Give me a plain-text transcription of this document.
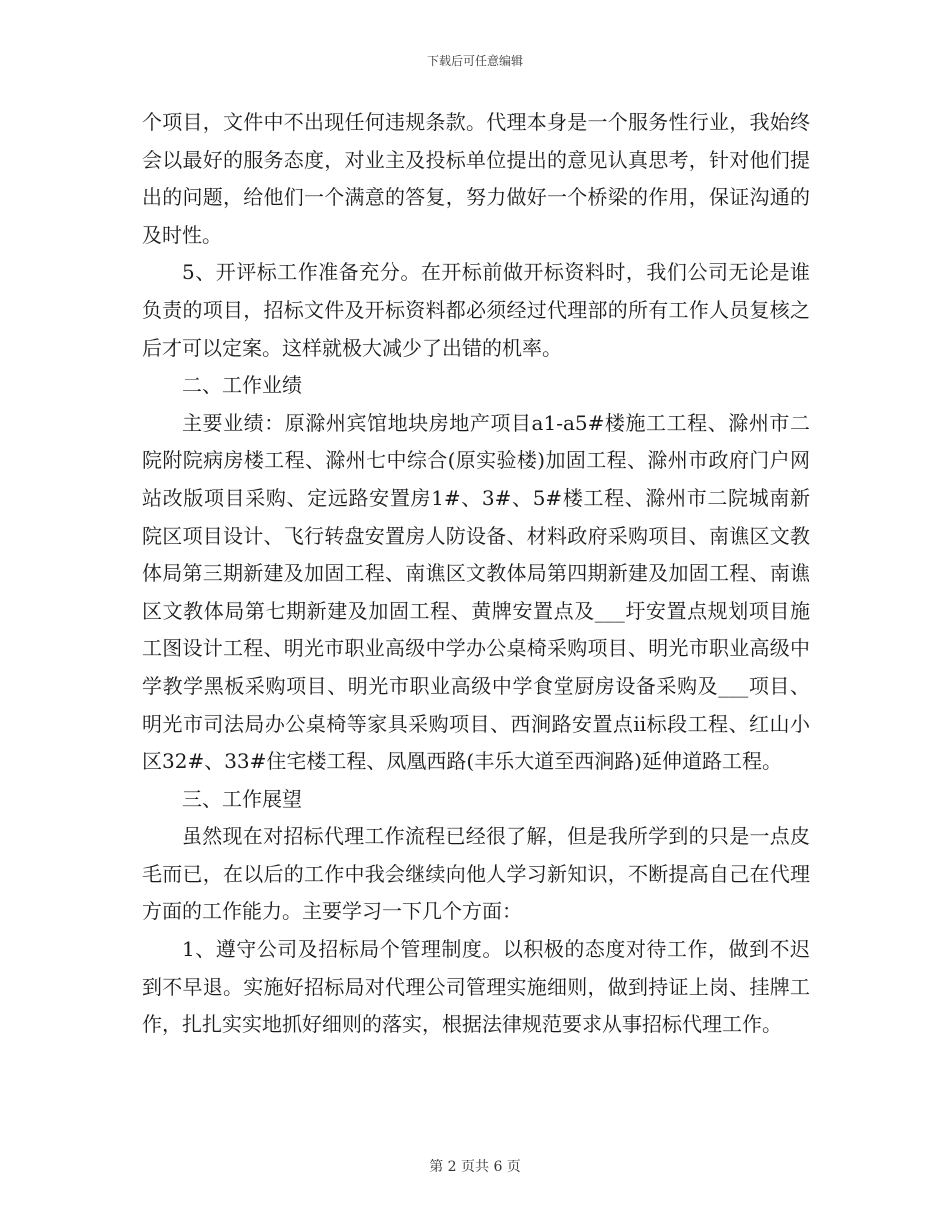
下载后可任意编辑

个项目，文件中不出现任何违规条款。代理本身是一个服务性行业，我始终会以最好的服务态度，对业主及投标单位提出的意见认真思考，针对他们提出的问题，给他们一个满意的答复，努力做好一个桥梁的作用，保证沟通的及时性。

5、开评标工作准备充分。在开标前做开标资料时，我们公司无论是谁负责的项目，招标文件及开标资料都必须经过代理部的所有工作人员复核之后才可以定案。这样就极大减少了出错的机率。

二、工作业绩

主要业绩：原滁州宾馆地块房地产项目a1-a5#楼施工工程、滁州市二院附院病房楼工程、滁州七中综合(原实验楼)加固工程、滁州市政府门户网站改版项目采购、定远路安置房1#、3#、5#楼工程、滁州市二院城南新院区项目设计、飞行转盘安置房人防设备、材料政府采购项目、南谯区文教体局第三期新建及加固工程、南谯区文教体局第四期新建及加固工程、南谯区文教体局第七期新建及加固工程、黄牌安置点及___圩安置点规划项目施工图设计工程、明光市职业高级中学办公桌椅采购项目、明光市职业高级中学教学黑板采购项目、明光市职业高级中学食堂厨房设备采购及___项目、明光市司法局办公桌椅等家具采购项目、西涧路安置点ii标段工程、红山小区32#、33#住宅楼工程、凤凰西路(丰乐大道至西涧路)延伸道路工程。

三、工作展望

虽然现在对招标代理工作流程已经很了解，但是我所学到的只是一点皮毛而已，在以后的工作中我会继续向他人学习新知识，不断提高自己在代理方面的工作能力。主要学习一下几个方面：

1、遵守公司及招标局个管理制度。以积极的态度对待工作，做到不迟到不早退。实施好招标局对代理公司管理实施细则，做到持证上岗、挂牌工作，扎扎实实地抓好细则的落实，根据法律规范要求从事招标代理工作。

第 2 页共 6 页
